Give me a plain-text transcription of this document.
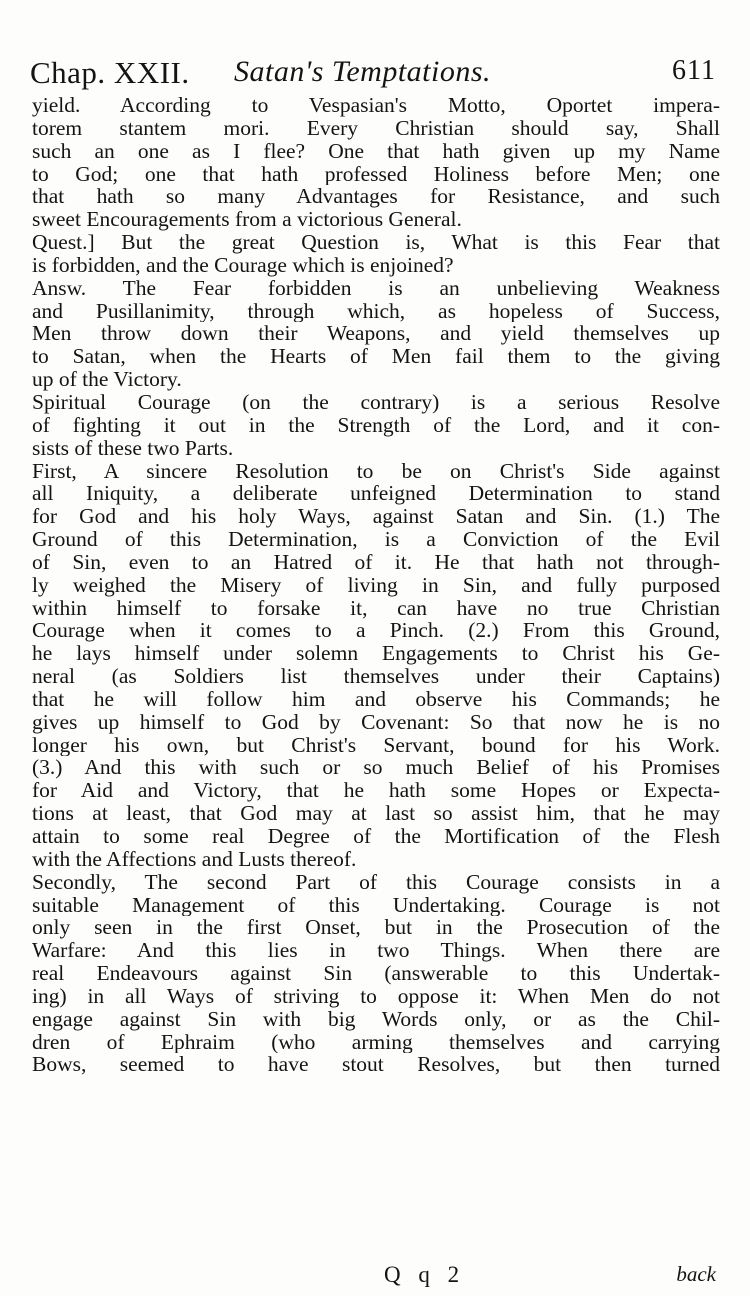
Chap. XXII. Satan's Temptations.	611
yield. According to Vespasian's Motto, Oportet impera-
torem stantem mori. Every Christian should say, Shall
such an one as I flee? One that hath given up my Name
to God; one that hath professed Holiness before Men; one
that hath so many Advantages for Resistance, and such
sweet Encouragements from a victorious General.
Quest.] But the great Question is, What is this Fear that
is forbidden, and the Courage which is enjoined?
Answ. The Fear forbidden is an unbelieving Weakness
and Pusillanimity, through which, as hopeless of Success,
Men throw down their Weapons, and yield themselves up
to Satan, when the Hearts of Men fail them to the giving
up of the Victory.
Spiritual Courage (on the contrary) is a serious Resolve
of fighting it out in the Strength of the Lord, and it con-
sists of these two Parts.
First, A sincere Resolution to be on Christ's Side against
all Iniquity, a deliberate unfeigned Determination to stand
for God and his holy Ways, against Satan and Sin. (1.) The
Ground of this Determination, is a Conviction of the Evil
of Sin, even to an Hatred of it. He that hath not through-
ly weighed the Misery of living in Sin, and fully purposed
within himself to forsake it, can have no true Christian
Courage when it comes to a Pinch. (2.) From this Ground,
he lays himself under solemn Engagements to Christ his Ge-
neral (as Soldiers list themselves under their Captains)
that he will follow him and observe his Commands; he
gives up himself to God by Covenant: So that now he is no
longer his own, but Christ's Servant, bound for his Work.
(3.) And this with such or so much Belief of his Promises
for Aid and Victory, that he hath some Hopes or Expecta-
tions at least, that God may at last so assist him, that he may
attain to some real Degree of the Mortification of the Flesh
with the Affections and Lusts thereof.
Secondly, The second Part of this Courage consists in a
suitable Management of this Undertaking. Courage is not
only seen in the first Onset, but in the Prosecution of the
Warfare: And this lies in two Things. When there are
real Endeavours against Sin (answerable to this Undertak-
ing) in all Ways of striving to oppose it: When Men do not
engage against Sin with big Words only, or as the Chil-
dren of Ephraim (who arming themselves and carrying
Bows, seemed to have stout Resolves, but then turned
Q q 2	back
